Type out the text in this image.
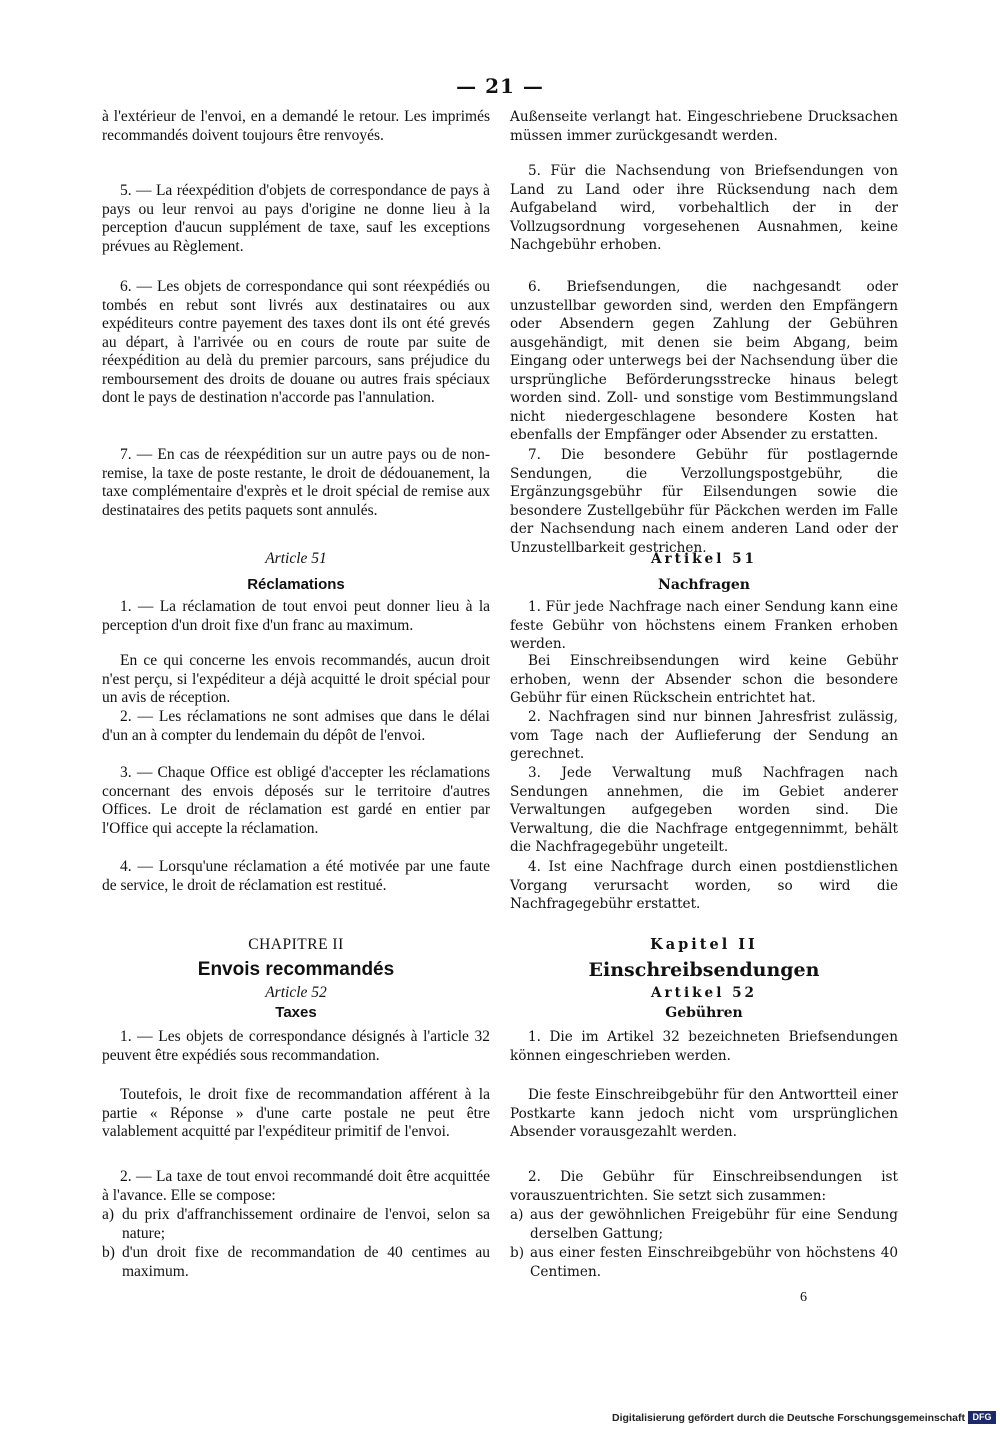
— 21 —

à l'extérieur de l'envoi, en a demandé le retour. Les imprimés recommandés doivent toujours être renvoyés.

5. — La réexpédition d'objets de correspondance de pays à pays ou leur renvoi au pays d'origine ne donne lieu à la perception d'aucun supplément de taxe, sauf les exceptions prévues au Règlement.

6. — Les objets de correspondance qui sont réexpédiés ou tombés en rebut sont livrés aux destinataires ou aux expéditeurs contre payement des taxes dont ils ont été grevés au départ, à l'arrivée ou en cours de route par suite de réexpédition au delà du premier parcours, sans préjudice du remboursement des droits de douane ou autres frais spéciaux dont le pays de destination n'accorde pas l'annulation.

7. — En cas de réexpédition sur un autre pays ou de non-remise, la taxe de poste restante, le droit de dédouanement, la taxe complémentaire d'exprès et le droit spécial de remise aux destinataires des petits paquets sont annulés.

Article 51

Réclamations

1. — La réclamation de tout envoi peut donner lieu à la perception d'un droit fixe d'un franc au maximum.

En ce qui concerne les envois recommandés, aucun droit n'est perçu, si l'expéditeur a déjà acquitté le droit spécial pour un avis de réception.

2. — Les réclamations ne sont admises que dans le délai d'un an à compter du lendemain du dépôt de l'envoi.

3. — Chaque Office est obligé d'accepter les réclamations concernant des envois déposés sur le territoire d'autres Offices. Le droit de réclamation est gardé en entier par l'Office qui accepte la réclamation.

4. — Lorsqu'une réclamation a été motivée par une faute de service, le droit de réclamation est restitué.

CHAPITRE II

Envois recommandés

Article 52

Taxes

1. — Les objets de correspondance désignés à l'article 32 peuvent être expédiés sous recommandation.

Toutefois, le droit fixe de recommandation afférent à la partie « Réponse » d'une carte postale ne peut être valablement acquitté par l'expéditeur primitif de l'envoi.

2. — La taxe de tout envoi recommandé doit être acquittée à l'avance. Elle se compose:

a) du prix d'affranchissement ordinaire de l'envoi, selon sa nature;
b) d'un droit fixe de recommandation de 40 centimes au maximum.

Außenseite verlangt hat. Eingeschriebene Drucksachen müssen immer zurückgesandt werden.

5. Für die Nachsendung von Briefsendungen von Land zu Land oder ihre Rücksendung nach dem Aufgabeland wird, vorbehaltlich der in der Vollzugsordnung vorgesehenen Ausnahmen, keine Nachgebühr erhoben.

6. Briefsendungen, die nachgesandt oder unzustellbar geworden sind, werden den Empfängern oder Absendern gegen Zahlung der Gebühren ausgehändigt, mit denen sie beim Abgang, beim Eingang oder unterwegs bei der Nachsendung über die ursprüngliche Beförderungsstrecke hinaus belegt worden sind. Zoll- und sonstige vom Bestimmungsland nicht niedergeschlagene besondere Kosten hat ebenfalls der Empfänger oder Absender zu erstatten.

7. Die besondere Gebühr für postlagernde Sendungen, die Verzollungspostgebühr, die Ergänzungsgebühr für Eilsendungen sowie die besondere Zustellgebühr für Päckchen werden im Falle der Nachsendung nach einem anderen Land oder der Unzustellbarkeit gestrichen.

Artikel 51

Nachfragen

1. Für jede Nachfrage nach einer Sendung kann eine feste Gebühr von höchstens einem Franken erhoben werden.

Bei Einschreibsendungen wird keine Gebühr erhoben, wenn der Absender schon die besondere Gebühr für einen Rückschein entrichtet hat.

2. Nachfragen sind nur binnen Jahresfrist zulässig, vom Tage nach der Auflieferung der Sendung an gerechnet.

3. Jede Verwaltung muß Nachfragen nach Sendungen annehmen, die im Gebiet anderer Verwaltungen aufgegeben worden sind. Die Verwaltung, die die Nachfrage entgegennimmt, behält die Nachfragegebühr ungeteilt.

4. Ist eine Nachfrage durch einen postdienstlichen Vorgang verursacht worden, so wird die Nachfragegebühr erstattet.

Kapitel II

Einschreibsendungen

Artikel 52

Gebühren

1. Die im Artikel 32 bezeichneten Briefsendungen können eingeschrieben werden.

Die feste Einschreibgebühr für den Antwortteil einer Postkarte kann jedoch nicht vom ursprünglichen Absender vorausgezahlt werden.

2. Die Gebühr für Einschreibsendungen ist vorauszuentrichten. Sie setzt sich zusammen:

a) aus der gewöhnlichen Freigebühr für eine Sendung derselben Gattung;
b) aus einer festen Einschreibgebühr von höchstens 40 Centimen.
6
Digitalisierung gefördert durch die Deutsche Forschungsgemeinschaft DFG
